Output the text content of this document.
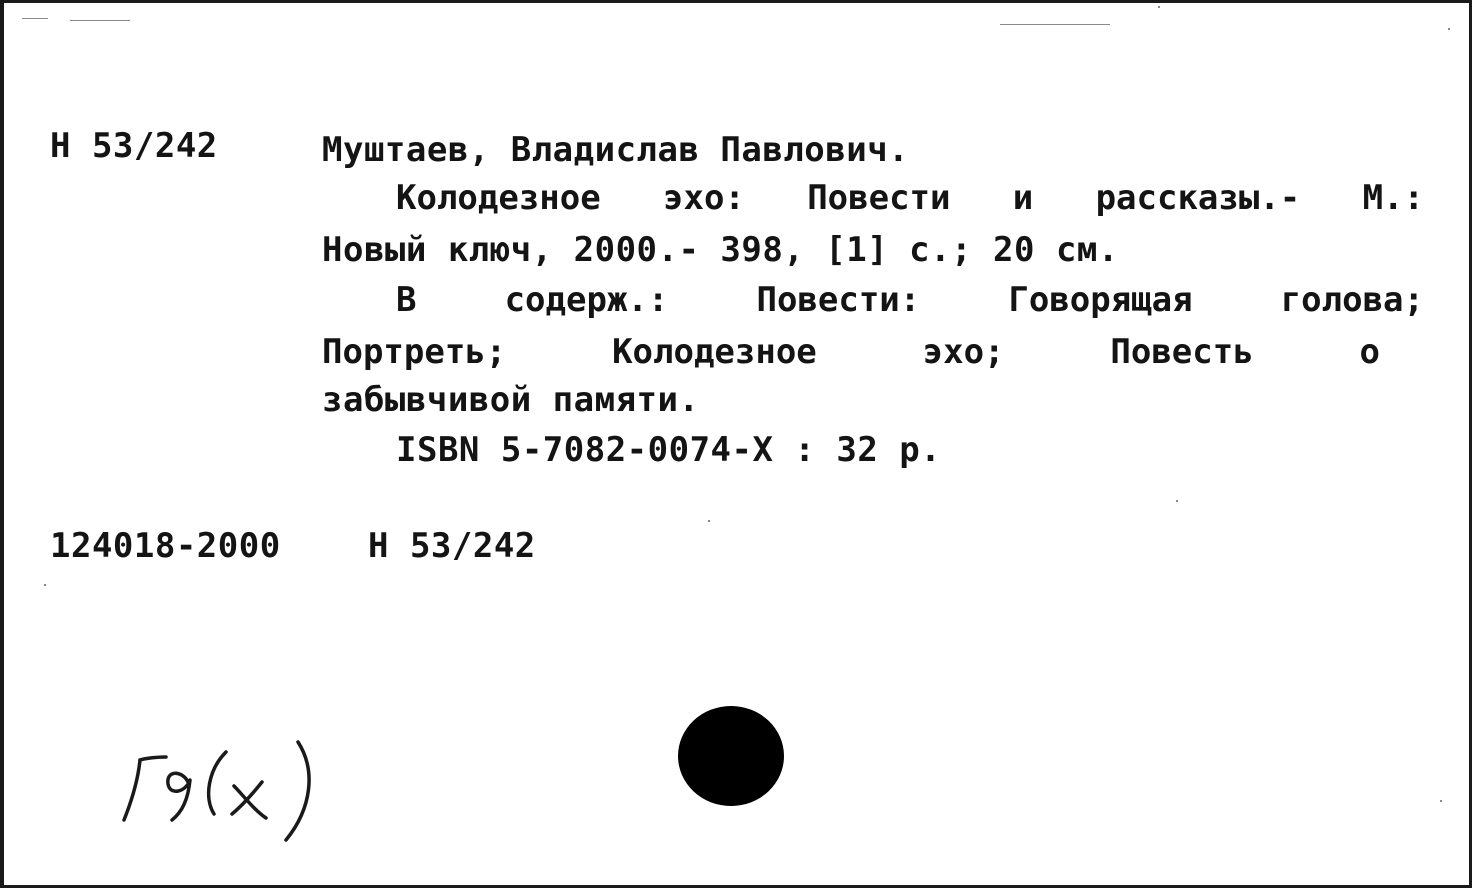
Н 53/242	Муштаев, Владислав Павлович.
Колодезное эхо: Повести и рассказы.- М.:
Новый ключ, 2000.- 398, [1] с.; 20 см.
В содерж.: Повести: Говорящая голова;
Портреть; Колодезное эхо; Повесть о
забывчивой памяти.
ISBN 5-7082-0074-X : 32 р.
124018-2000	Н 53/242
